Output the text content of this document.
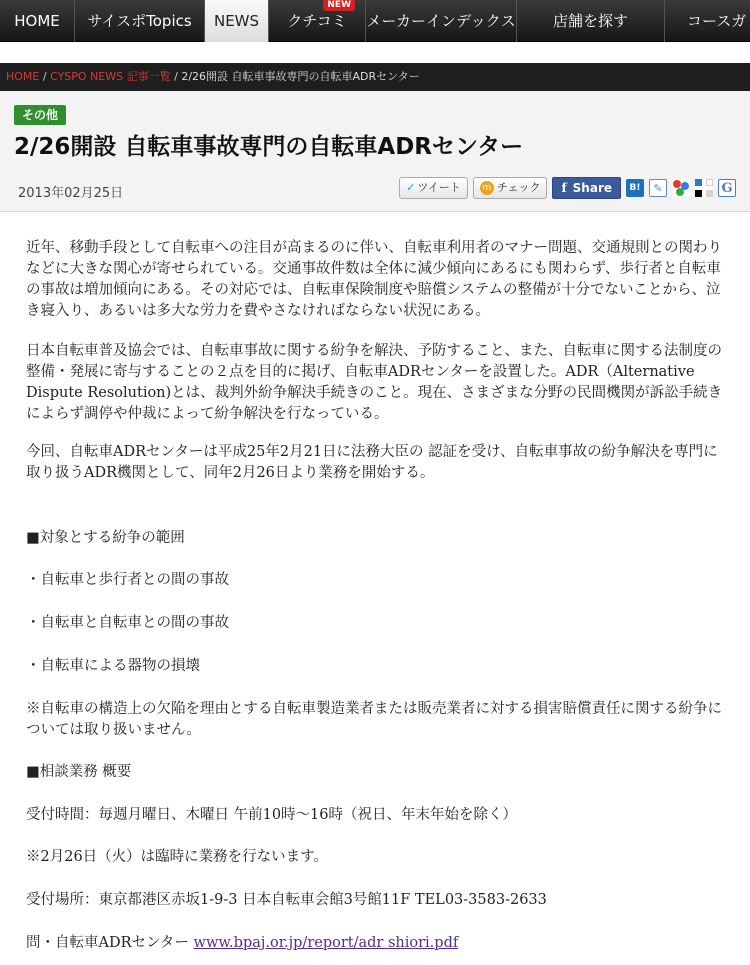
HOME	サイスポTopics	NEWS	クチコミ
NEW
メーカーインデックス	店舗を探す	コースガ
HOME / CYSPO NEWS 記事一覧 / 2/26開設 自転車事故専門の自転車ADRセンター
その他
2/26開設 自転車事故専門の自転車ADRセンター
2013年02月25日	✓ ツイート	m チェック	f Share	B!	✎	G

近年、移動手段として自転車への注目が高まるのに伴い、自転車利用者のマナー問題、交通規則との関わりなどに大きな関心が寄せられている。交通事故件数は全体に減少傾向にあるにも関わらず、歩行者と自転車の事故は増加傾向にある。その対応では、自転車保険制度や賠償システムの整備が十分でないことから、泣き寝入り、あるいは多大な労力を費やさなければならない状況にある。

日本自転車普及協会では、自転車事故に関する紛争を解決、予防すること、また、自転車に関する法制度の整備・発展に寄与することの２点を目的に掲げ、自転車ADRセンターを設置した。ADR（Alternative Dispute Resolution)とは、裁判外紛争解決手続きのこと。現在、さまざまな分野の民間機関が訴訟手続きによらず調停や仲裁によって紛争解決を行なっている。

今回、自転車ADRセンターは平成25年2月21日に法務大臣の 認証を受け、自転車事故の紛争解決を専門に取り扱うADR機関として、同年2月26日より業務を開始する。

■対象とする紛争の範囲

・自転車と歩行者との間の事故

・自転車と自転車との間の事故

・自転車による器物の損壊

※自転車の構造上の欠陥を理由とする自転車製造業者または販売業者に対する損害賠償責任に関する紛争については取り扱いません。

■相談業務 概要

受付時間：毎週月曜日、木曜日 午前10時～16時（祝日、年末年始を除く）

※2月26日（火）は臨時に業務を行ないます。

受付場所：東京都港区赤坂1-9-3 日本自転車会館3号館11F TEL03-3583-2633

問・自転車ADRセンター www.bpaj.or.jp/report/adr shiori.pdf
